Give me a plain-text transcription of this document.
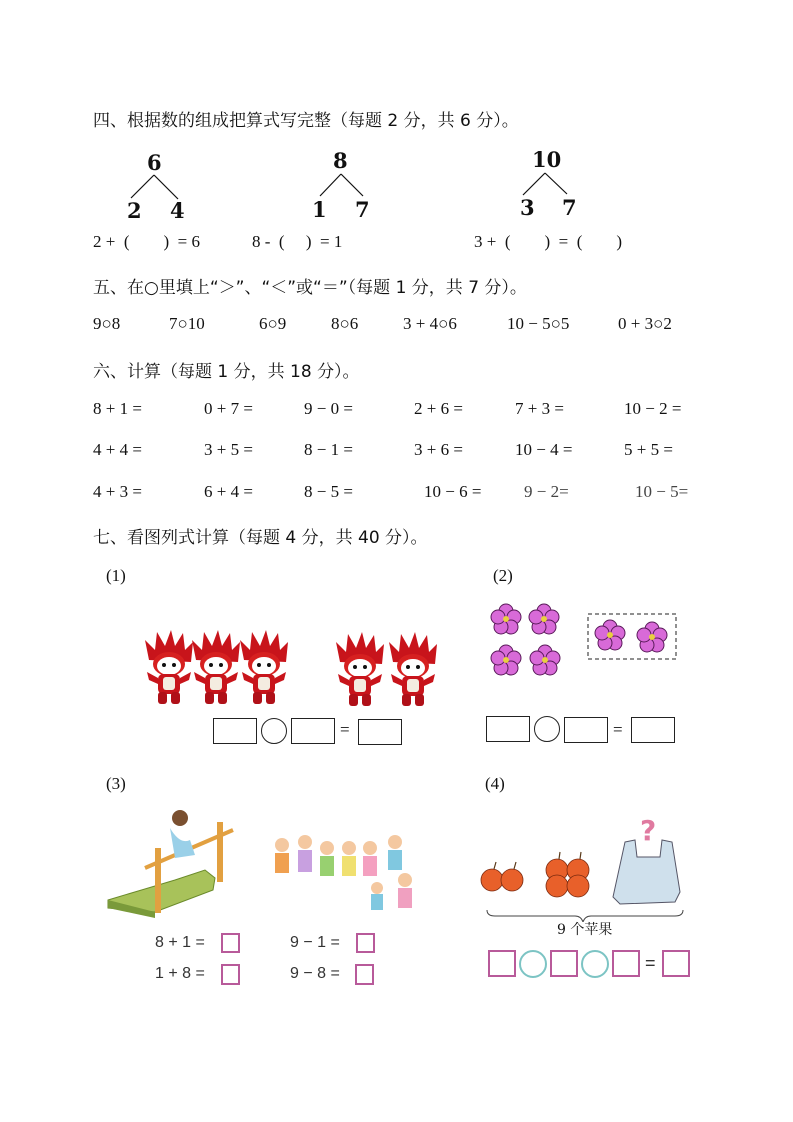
四、根据数的组成把算式写完整（每题 2 分，共 6 分）。
6
2 4
2 +  (        )  = 6
8
1 7
8 -  (     )  = 1
10
3 7
3 +  (        )  =  (        )
五、在○里填上“＞”、“＜”或“＝”（每题 1 分，共 7 分）。
9○8	7○10	6○9	8○6	3 + 4○6	10 − 5○5	0 + 3○2
六、计算（每题 1 分，共 18 分）。
8 + 1 =	0 + 7 =	9 − 0 =	2 + 6 =	7 + 3 =	10 − 2 =
4 + 4 =	3 + 5 =	8 − 1 =	3 + 6 =	10 − 4 =	5 + 5 =
4 + 3 =	6 + 4 =	8 − 5 =	10 − 6 =	9 − 2=	10 − 5=
七、看图列式计算（每题 4 分，共 40 分）。
(1)
=
(2)
=
(3)
8 + 1 =	9 − 1 =
1 + 8 =	9 − 8 =
(4)
?
9 个苹果
=
